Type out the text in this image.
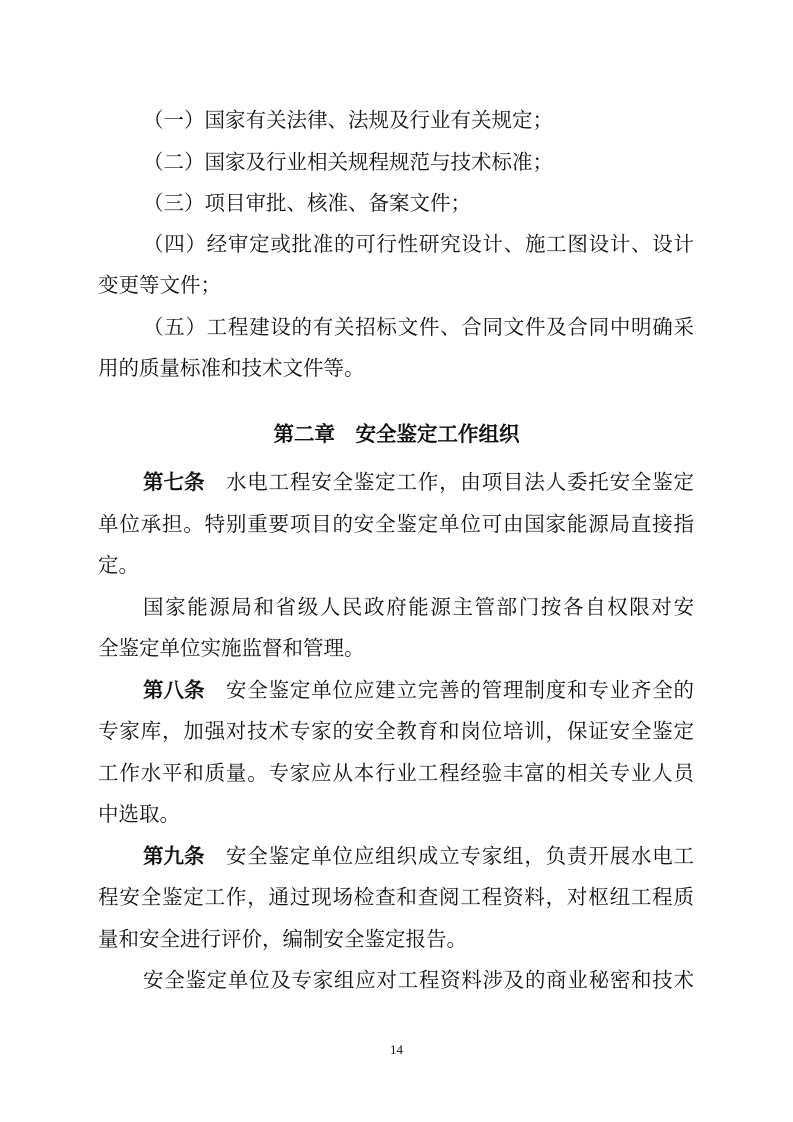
（一）国家有关法律、法规及行业有关规定；
（二）国家及行业相关规程规范与技术标准；
（三）项目审批、核准、备案文件；
（四）经审定或批准的可行性研究设计、施工图设计、设计
变更等文件；
（五）工程建设的有关招标文件、合同文件及合同中明确采
用的质量标准和技术文件等。
第二章　安全鉴定工作组织
第七条 水电工程安全鉴定工作，由项目法人委托安全鉴定
单位承担。特别重要项目的安全鉴定单位可由国家能源局直接指
定。
国家能源局和省级人民政府能源主管部门按各自权限对安
全鉴定单位实施监督和管理。
第八条 安全鉴定单位应建立完善的管理制度和专业齐全的
专家库，加强对技术专家的安全教育和岗位培训，保证安全鉴定
工作水平和质量。专家应从本行业工程经验丰富的相关专业人员
中选取。
第九条 安全鉴定单位应组织成立专家组，负责开展水电工
程安全鉴定工作，通过现场检查和查阅工程资料，对枢纽工程质
量和安全进行评价，编制安全鉴定报告。
安全鉴定单位及专家组应对工程资料涉及的商业秘密和技术
14
